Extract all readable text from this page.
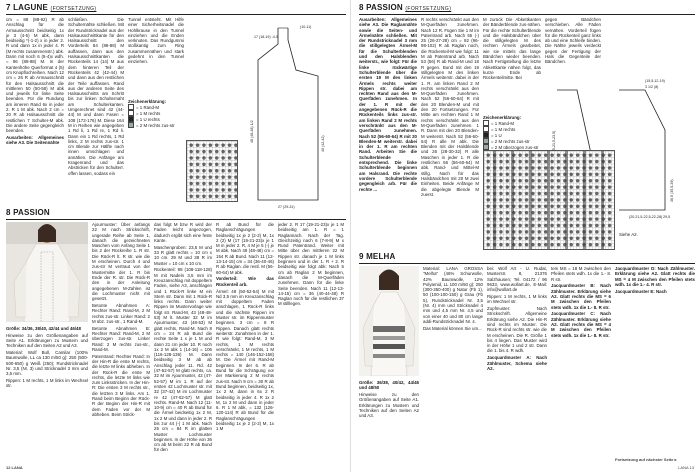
7 LAGUNE (FORTSETZUNG)

cm = 88 (88-92) R ab Anschlag für die Armausschnitt beidseitig 1x je 3 (4-5) M abk, dann beidseitig *(-1-2) x in jeder 2. R und dann 1x in jeder 4. R (M rechts zusammenstr.) abk. Dann mit noch 6 (5-4)x wdh. = 96 (88-88) M. In der Kantenhöhe Querformat 4 (5) cm Knopflochreihen. Nach 12 cm = 26 R ab Armausschnitt für den Halsausschnitt die mittleren 50 (50-58) M abk und jeweils für linke Seite beenden. Für die Rundung am inneren Rand 6x in jeder 2. R 1 M abk. Nach 2 cm = 20 R ab Halsausschnitt die restlichen 7 Schulter-M abk. Die andere Seite gegengleich beenden.

Ausarbeiten: Allgemeines siehe A3. Die Seitennähte

schließen. Die Schulternähte schließen. Mit der Rundstricknadel aus der Halsausschnittkante für den Halsausschnitt den Vorderteils 84 (88-88) M auffassen, dann aus den Halsausschnittkanten die Rückenteils 14 (14) M aus dem hinteren Teil der Rückenteils 42 (42-44) M und dann aus den restlichen der Teile auffassen. Rand aus der anderen Seite des Halsausschnitts am Schritt bis zur linken Schulternaht am Schulterkanten. Umgerechnet sind 42 (44-44) M und dann Fasen = 108 (172-176) M. Diese 164 M in Reihen wie angegeben 1 Rd li, 1 Rd re, 1 Rd li. Dann ein 1 Rd rechts, 1 Rd links, 2 M rechts zus-str. 1 cm Blende zur Hälfte nach innen umschlagen und annähen. Die Anfänge am Kragenrand und das Abstricken für den Schulterr. offen lassen, sodass ein

Tunnel entsteht. Mit Hilfe einer Sicherheitsnadel die Hohlkrause in den Tunnel einziehen und die Enden verknoten. Das Rundgummi stoßkantig zum Ring zusammennähen und stark gedehnt in den Tunnel einziehen.

Zeichenerklärung:
= 1 Rand-M
= 1 M rechts
= 1 U rechts
= 2 M rechts zus-str
(10-11)
17 (18-19) -4-5
48 (46-48) 1/2
40 (42-42)
27 (29-31)
8 PASSION

Größe: 34/36, 38/40, 42/44 und 46/48

Hinweise zu den Größenangaben auf Seite A1. Erklärungen zu Mustern und Techniken auf den Seiten A2 und A3.

Material: Wolf Bull, Camilar (100% Baumwolle, LL ca 130 m/50 g): 250 (500-500-650) g Weiß (250); Rundstricknadel Nr. 3,5 (Nr. 3) und Stricknadel 3 mm und 3,5 mm.

Rippen: 1 M rechts, 1 M links im Wechsel str.

Ajourmuster: Über anfangs 22 M nach Strickschrift, ungerade Reihe ab Seite 1, danach die gezeichneten Maschen vom Anfang Seite 1 bis 2 der Rückreihe 1. R str. Die Rück-R lt. R str. wie die M erscheinen. Durch 4 und zus-str M vertraut von der Mustermitte der 1. R bis Ende der R. str. Die Rück-R den in der Anleitung angegebenen M-Zahlen ist die Lochmuster nicht mit gesetzt.

Betonte Abnahmen A: Rechter Rand: Rand-M, 2 M rechts zus-str. Linker Rand: 2 M übz. zus-str., 1 Rand-M.

Betonte Abnahmen B: Rechter Rand: Rand-M, 2 M überzogen zus-str. Linker Rand: 2 M rechts zus-str., Rand-M.

Patentrand: Rechter Rand: In der Hin-R die erste M rechts, die letzte M links abheben. In der Rück-R die erste M rechts, die letzte M links wie zum Linksstricken. In der Hin-R: Die ersten 3 M rechts str., die letzten 3 M links. Am 1. Rand beim Beginn der Rück-R der Beginn der Hin-R mit dem Faden vor der M abheben. Beim Strick-

das folgt M bzw R wird der Faden leicht angezogen, dadurch ergibt sich eine feste Kante.

Maschenproben: 23,5 M und 33 R glatt rechts = 10 cm x 10 cm. 29 M und 38 R im Muster = 10 cm x 10 cm.

Rückenteil: 98 (108-118-128) M mit Nadeln 3,5 mm im Kreuzanschlag mit doppeltem Faden, siehe A3, anschlagen und 1 Rück-R linke M ein Stern str. Dann mit 1 Rück-R links rechts. Dann weiter Rippen im Mustervorlage wie folgt str. Rand-M, 43 (48-48-53) M lt. Muster 32 M im Ajourmuster, 43 (48-53) M glatt rechts, Rand-M. Nach 8 cm = 24 R ab Bund die rechte Seite 1 x je 1 M und dann 21 cm jeder 10. R noch 1x 2 M abk 1 (14-16) = 106 (116-128-136) M. Dann beidseitig 3 M ab ab Anschlag jeder 11. Rd. 42 (47-52-57) M glatt rechts, ca. 32 M im Ajourmuster, 42 (47-52-57) M im 1. R auf der ersten 42 Lochmuster str. mit 32 (37-42) M im Lochmuster re 42 (47-52-57) M glatt rechts. Rand-M. Nach 12 (11-10-9) cm = 40 R ab Bund für die Ärmel beidseitig 1x 2 M, 1x 2 M und dann in jeder 2. R bis zur 44 (-) 1 M abk. Nach 25 cm = 84 R im glatten Muster Lochmuster beginnen. In der Höhe von 36 cm ab M beim 22 R ab Bund für den

R ab Bund für die Raglanschrägungen beidseitig 1x je 2 (2-2) M, 1x 2 (2) M (17 (19-21-23)x je 1 M in jeder 2. R, 4 M je 5 (-) je M abk. Nach 48 (48-48) cm = 154 R ab Bund. Nach 11 (12-13-14-15) cm = 34 (36-40-46) R ab Raglan. die restl. M (56-60-64) M abk.

Vorderteil: Wie das Rückenteil arb.

Ärmel: 48 (50-52-54) M mit Nd 3,5 mm im Kreuzanschlag mit doppeltem Faden anschlagen, 1 Rück-R links und die nächste Rippen im Muster str. im Rippenmuster beginnen. 3 cm = 8 R Rippen. Danach glatt rechts weiterstr. Zunahmen in der 1. R wie folgt: Rand-M, 3 M rechts, 1 M rechts verschränkt, 1 M rechts, 1 M rechts = 140 (146-152-158) M. Die Ärmel mit Rand-M beginnen. In der 6. R ab Bund für die Schrägung vor der Markierung 2 M rechts zus-str. Nach 9 cm = 30 R ab Bund beginnen, beidseitig 1x, 1x 2 M, dann in 6x 2 R beidseitig in jeder 4. R 1x 2 M, 1x 2 M und dann in jeder 6. R 1 M abk, = 132 (126-120-114) R ab Bund für die Raglanschrägungen beidseitig 1x je 2 (2-2) M, 1x 1 M

jeder 2. R 17 (19-21-23)x je 1 M beidseitig am 1. R = 1 Raglannach. Nach der Tag. Gleichzeitig nach 6 (7-8-9) M x Rund Patentrand. Weiter mit Mitte über den mittleren 22 M Rippen str. danach je 1 M links beginnen und in der 1. R + 2. R beidseitig wie folgt abk: Nach 5 cm ab Raglan 2 M beginnen, danach die M-Querfäden zunehmen. Dann für die linke Seite beenden. Nach 11 (12-13-14-15) cm = 36 (40-44-48) R Raglan noch für die restlichen 37 M stilllegen.

12 LANA
8 PASSION (FORTSETZUNG)

Ausarbeiten: Allgemeines siehe A3. Die Raglannähte sowie die Seiten- und Ärmelnähte schließen. Mit der Rundstricknadel 3 mm die stillgelegten Ärmel-M für die Schulterblenden und den Halsblenden weiterstr., wie folgt: Für die linke rückwärtige Schulterblende über die ersten 19 M des linken Ärmels rechts weiter Rippen str. dabei am rechten Rand aus den M-Querfäden zunehmen. In der 1. R mit der angegebenen Rück-R die Rückenteils links zus-str. am linken Rand 2 M rechts verschränkt aus den M-Querfäden zunehmen. Nach 52 (56-60-64) R mit 20 Blenden-M weiterstr. dabei in der 1. R am rechten Rand. Arbeiten Sie die Schulterblende entsprechend. Die linke Schulterblende beginnen am Halsrand. Die rechte vordere Schulterblende gegengleich arb. Für die rechte ...

R rechts verschränkt aus den M-Querfäden zunehmen. Nach 12 R. Fügen Sie 1 M im Patentrand arb. Nach 55 (-) 25 (26-27-28) cm = 92 (96-98-102) R ab Raglan noch, die Rückenteil-M wie folgt: 11 M ab Patentrand arb. Nach 53 (56) R ab Rand-M und 18 R gegen. Bund mit den 19 stillgelegten M des linken Ärmels weiterstr. dabei in der 1. R. am linken Rand 2 M rechts verschränkt aus den M-Querfäden zunehmen. Nach 52 (56-60-64) R mit den 20 Blenden-M und mit den 20 Fortsetzungen. Für Mitte am rechten Rand 1 M rechts verschränkt aus den M-Querfäden zunehmen. 1 R. Dann mit den 20 Blenden-M weiterstr. Nach 52 (56-60-64) R alle M abk. Die Blenden mit der Halsblende und 26 (28-30-32) R alle Maschen in jeder 1. R die restlichen 56 (56-60-64) M abk. Rand- und Mittel-M stillg. Nach für das Halsbändchen mit 20 M zwei Einheiten. Beide Anfänge M die abgelegte Blende M zuerst.

M zurück Die Abkettkanten der Bänderblende zus-nähen. Für die rechte Schulterblende und die Halsbändchen über die stillgelegten M des rechten Ärmels gearbeitet, wie sie mittels das lange Bändchen wieder beenden. Nach Fertigstellung die letzte Abkettkante nähen folgt, das kurze Ende ab Rückenteilmitte. Bei

gegen Bändchen verschieben. Alle Fäden vernähen. Vorderteil fügen für die Rückenteil ganz links ab und eine Schleife binden. Die Nähte jeweils verdeckt gegen der Fertigung der Hals die Gegenteile der Bändchen.

Zeichenerklärung:
= 1 Rand-M
= 1 M rechts
= 1 U
= 2 M rechts zus-str
= 2 M überzogen zus-str
(15,5-12-19)
3 1/2 (8)
36,5 (35,5-39)
(20-21,5-22,5-22-28) 29,5
Siehe A2.
9 MELHA

Größe: 36/38, 40/42, 44/46 und 48/50

Hinweise zu den Größenangaben auf Seite A1. Erklärungen zu Mustern und Techniken auf den Seiten A2 und A3.

Material: LANA GROSSA "Melha" (46% Schurwolle, 42% Baumwolle, 12% Polyamid, LL 100 m/50 g): 250 (300-350-400) g Natur (Fb 1), 50 (100-100-150) g Grau (Fb 5), Rundstricknadel Nr. 3,5 (Nr. 4) mm und Stricknadel 4 mm und 4,5 mm Nr. 4,5 und von einer 40 und 80 cm lange addi-Rundstricknadel Nr. 4.

Das Material können Sie um...

bei: Wolf Art - U. Rudat, Musterstr. 8, 21376 Salzhausen; Tel. 04172 / 96 9633, www.wollart.de, E-Mail: info@wollart.de

Rippen: 1 M rechts, 1 M links im Wechsel str.

Zopfmuster: Nach Strickschrift. Allgemeine Erklärung siehe A2. Die Hin-R sind rechts im Muster. Die Rück-R sind rechts str. wie die M erscheinen. Die R. Größe 1 bis 4 liegen. Das Muster wird in der Höhe 1 und 2 str. Dann die 1. bis 4. R wdh.

Jacquardmuster A: Nach Zählmuster, Schema siehe A2.

tem MS = 18 M zwischen den Pfeilen stets wdh. 1x die 1.- 8. R str.

Jacquardmuster B: Nach Zählmuster. Erklärung siehe A2. Glatt rechts die MS = 6 M zwischen den Pfeilen stets wdh. 1x die 1.- 8. R str.

Jacquardmuster C: Nach Zählmuster. Erklärung siehe A2. Glatt rechts die MS = 4 M zwischen den Pfeilen stets wdh. 1x die 1.- 8. R str.

Jacquardmuster D: Nach Zählmuster. Erklärung siehe A2. Glatt rechts die MS = 4 M zwischen den Pfeilen stets wdh. 1x die 1.- 4. R str.

Jacquardmuster E: Nach

Fortsetzung auf nächster Seite ▸
LANA 13
